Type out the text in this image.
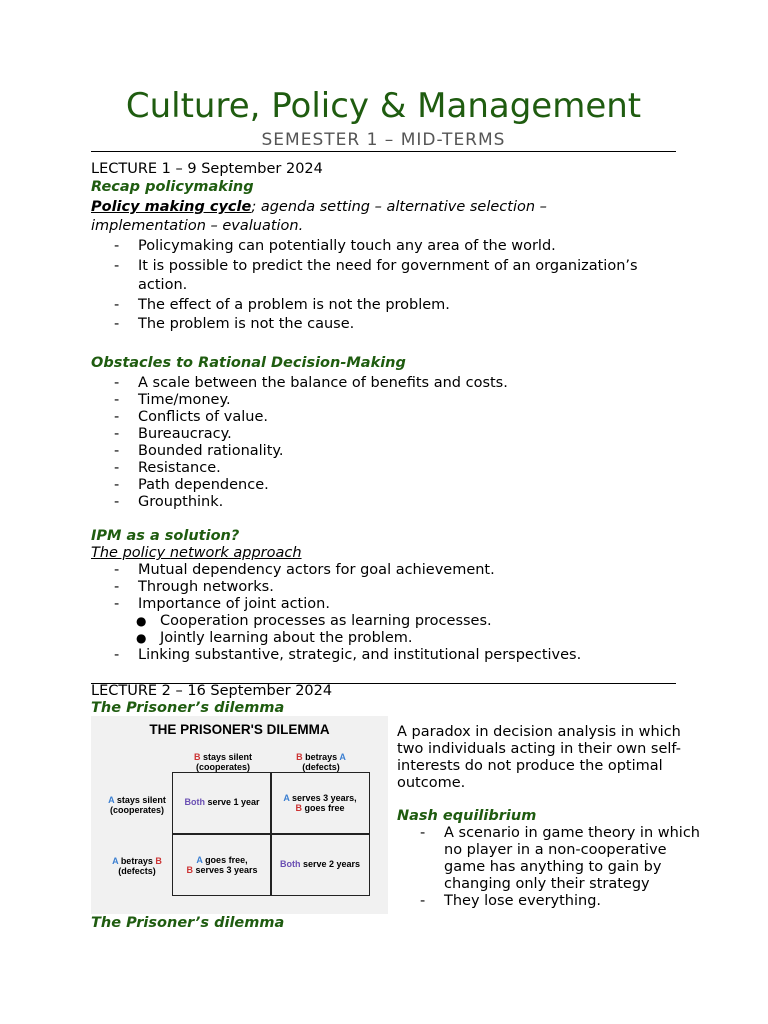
Culture, Policy & Management
SEMESTER 1 – MID-TERMS
LECTURE 1 – 9 September 2024
Recap policymaking
Policy making cycle; agenda setting – alternative selection –
implementation – evaluation.
- Policymaking can potentially touch any area of the world.
- It is possible to predict the need for government of an organization’s
action.
- The effect of a problem is not the problem.
- The problem is not the cause.
Obstacles to Rational Decision-Making
- A scale between the balance of benefits and costs.
- Time/money.
- Conflicts of value.
- Bureaucracy.
- Bounded rationality.
- Resistance.
- Path dependence.
- Groupthink.
IPM as a solution?
The policy network approach
- Mutual dependency actors for goal achievement.
- Through networks.
- Importance of joint action.
● Cooperation processes as learning processes.
● Jointly learning about the problem.
- Linking substantive, strategic, and institutional perspectives.
LECTURE 2 – 16 September 2024
The Prisoner’s dilemma
THE PRISONER'S DILEMMA
B stays silent
(cooperates)
B betrays A
(defects)
A stays silent
(cooperates)
A betrays B
(defects)
Both serve 1 year	A serves 3 years,
B goes free
A goes free,
B serves 3 years
Both serve 2 years
A paradox in decision analysis in which
two individuals acting in their own self-
interests do not produce the optimal
outcome.
Nash equilibrium
- A scenario in game theory in which
no player in a non-cooperative
game has anything to gain by
changing only their strategy
- They lose everything.
The Prisoner’s dilemma
